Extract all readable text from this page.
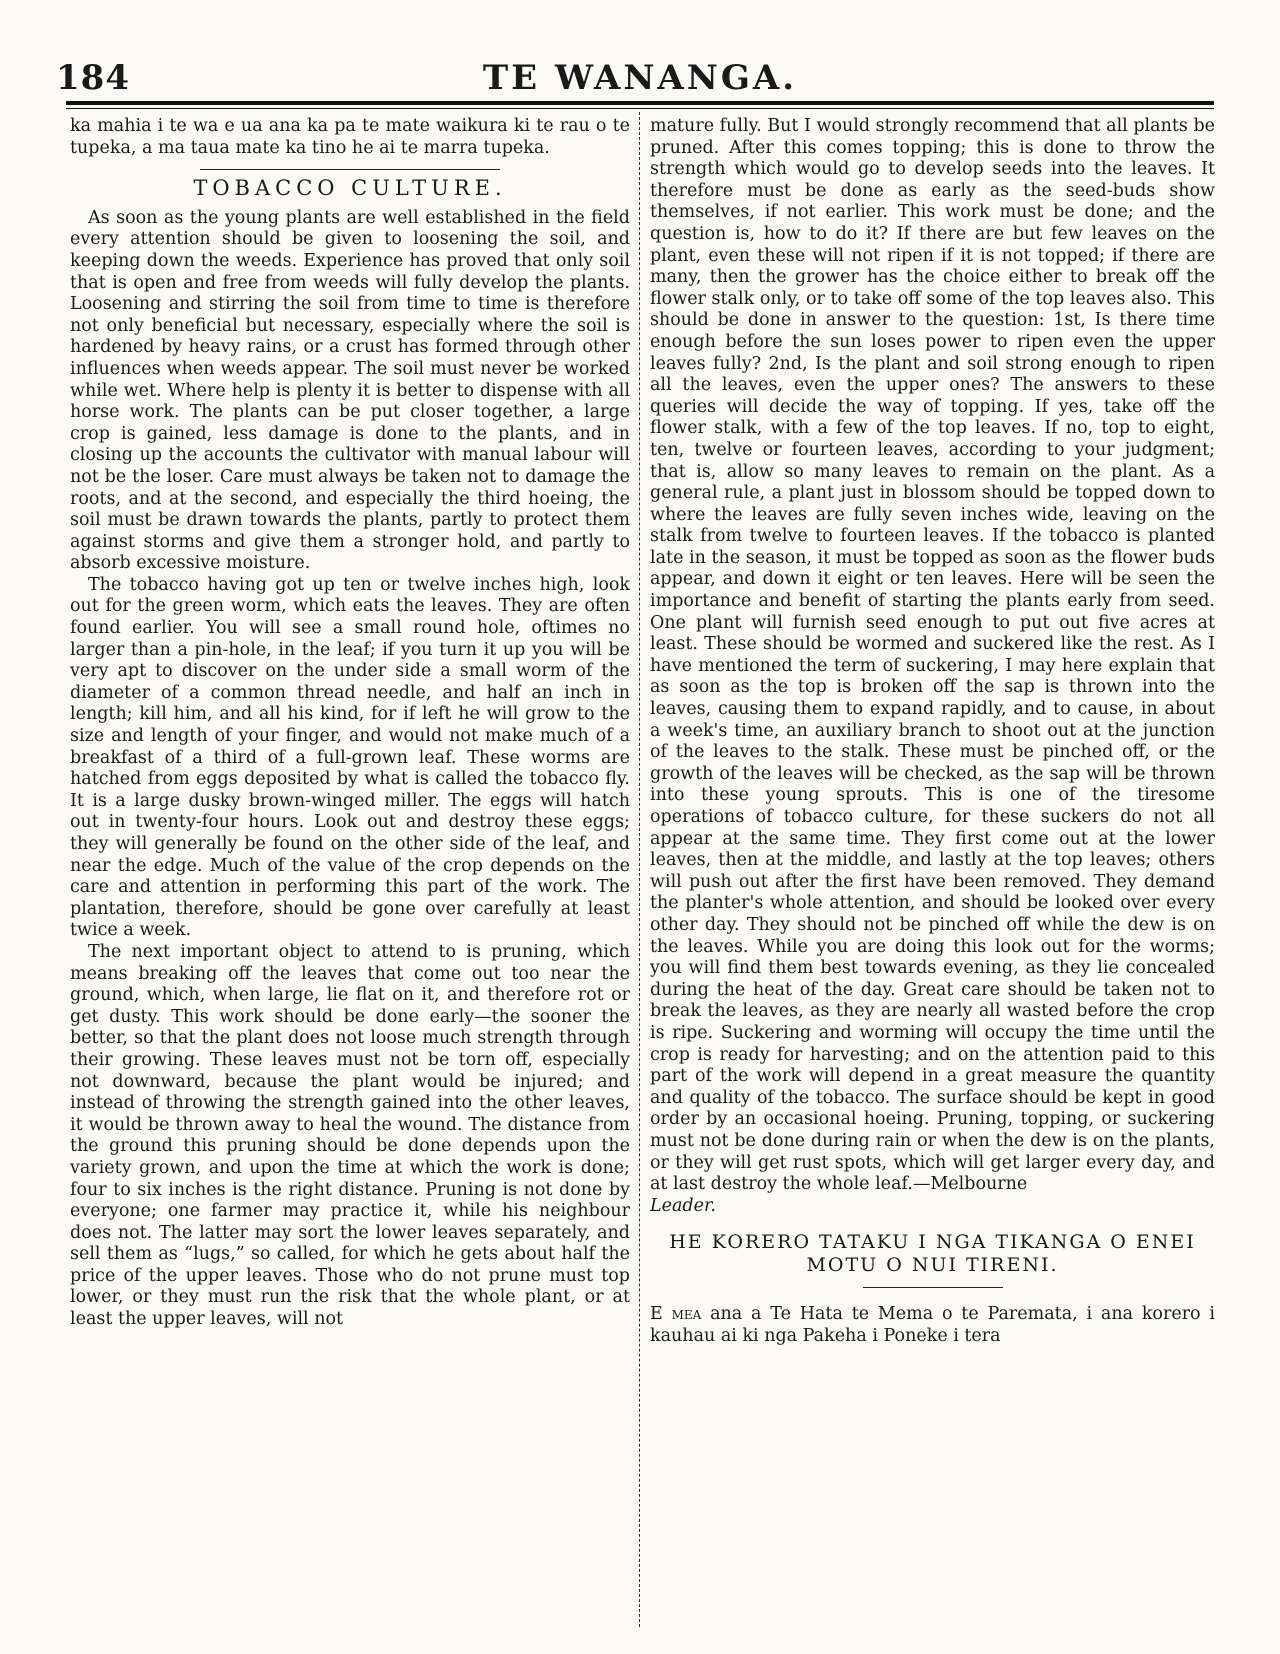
184	TE WANANGA.

ka mahia i te wa e ua ana ka pa te mate waikura ki te rau o te tupeka, a ma taua mate ka tino he ai te marra tupeka.

TOBACCO CULTURE.

As soon as the young plants are well established in the field every attention should be given to loosening the soil, and keeping down the weeds. Experience has proved that only soil that is open and free from weeds will fully develop the plants. Loosening and stirring the soil from time to time is therefore not only beneficial but necessary, especially where the soil is hardened by heavy rains, or a crust has formed through other influences when weeds appear. The soil must never be worked while wet. Where help is plenty it is better to dispense with all horse work. The plants can be put closer together, a large crop is gained, less damage is done to the plants, and in closing up the accounts the cultivator with manual labour will not be the loser. Care must always be taken not to damage the roots, and at the second, and especially the third hoeing, the soil must be drawn towards the plants, partly to protect them against storms and give them a stronger hold, and partly to absorb excessive moisture.

The tobacco having got up ten or twelve inches high, look out for the green worm, which eats the leaves. They are often found earlier. You will see a small round hole, oftimes no larger than a pin-hole, in the leaf; if you turn it up you will be very apt to discover on the under side a small worm of the diameter of a common thread needle, and half an inch in length; kill him, and all his kind, for if left he will grow to the size and length of your finger, and would not make much of a breakfast of a third of a full-grown leaf. These worms are hatched from eggs deposited by what is called the tobacco fly. It is a large dusky brown-winged miller. The eggs will hatch out in twenty-four hours. Look out and destroy these eggs; they will generally be found on the other side of the leaf, and near the edge. Much of the value of the crop depends on the care and attention in performing this part of the work. The plantation, therefore, should be gone over carefully at least twice a week.

The next important object to attend to is pruning, which means breaking off the leaves that come out too near the ground, which, when large, lie flat on it, and therefore rot or get dusty. This work should be done early—the sooner the better, so that the plant does not loose much strength through their growing. These leaves must not be torn off, especially not downward, because the plant would be injured; and instead of throwing the strength gained into the other leaves, it would be thrown away to heal the wound. The distance from the ground this pruning should be done depends upon the variety grown, and upon the time at which the work is done; four to six inches is the right distance. Pruning is not done by everyone; one farmer may practice it, while his neighbour does not. The latter may sort the lower leaves separately, and sell them as “lugs,” so called, for which he gets about half the price of the upper leaves. Those who do not prune must top lower, or they must run the risk that the whole plant, or at least the upper leaves, will not

mature fully. But I would strongly recommend that all plants be pruned. After this comes topping; this is done to throw the strength which would go to develop seeds into the leaves. It therefore must be done as early as the seed-buds show themselves, if not earlier. This work must be done; and the question is, how to do it? If there are but few leaves on the plant, even these will not ripen if it is not topped; if there are many, then the grower has the choice either to break off the flower stalk only, or to take off some of the top leaves also. This should be done in answer to the question: 1st, Is there time enough before the sun loses power to ripen even the upper leaves fully? 2nd, Is the plant and soil strong enough to ripen all the leaves, even the upper ones? The answers to these queries will decide the way of topping. If yes, take off the flower stalk, with a few of the top leaves. If no, top to eight, ten, twelve or fourteen leaves, according to your judgment; that is, allow so many leaves to remain on the plant. As a general rule, a plant just in blossom should be topped down to where the leaves are fully seven inches wide, leaving on the stalk from twelve to fourteen leaves. If the tobacco is planted late in the season, it must be topped as soon as the flower buds appear, and down it eight or ten leaves. Here will be seen the importance and benefit of starting the plants early from seed. One plant will furnish seed enough to put out five acres at least. These should be wormed and suckered like the rest. As I have mentioned the term of suckering, I may here explain that as soon as the top is broken off the sap is thrown into the leaves, causing them to expand rapidly, and to cause, in about a week's time, an auxiliary branch to shoot out at the junction of the leaves to the stalk. These must be pinched off, or the growth of the leaves will be checked, as the sap will be thrown into these young sprouts. This is one of the tiresome operations of tobacco culture, for these suckers do not all appear at the same time. They first come out at the lower leaves, then at the middle, and lastly at the top leaves; others will push out after the first have been removed. They demand the planter's whole attention, and should be looked over every other day. They should not be pinched off while the dew is on the leaves. While you are doing this look out for the worms; you will find them best towards evening, as they lie concealed during the heat of the day. Great care should be taken not to break the leaves, as they are nearly all wasted before the crop is ripe. Suckering and worming will occupy the time until the crop is ready for harvesting; and on the attention paid to this part of the work will depend in a great measure the quantity and quality of the tobacco. The surface should be kept in good order by an occasional hoeing. Pruning, topping, or suckering must not be done during rain or when the dew is on the plants, or they will get rust spots, which will get larger every day, and at last destroy the whole leaf.—Melbourne
Leader.

HE KORERO TATAKU I NGA TIKANGA O ENEI MOTU O NUI TIRENI.

E mea ana a Te Hata te Mema o te Paremata, i ana korero i kauhau ai ki nga Pakeha i Poneke i tera
